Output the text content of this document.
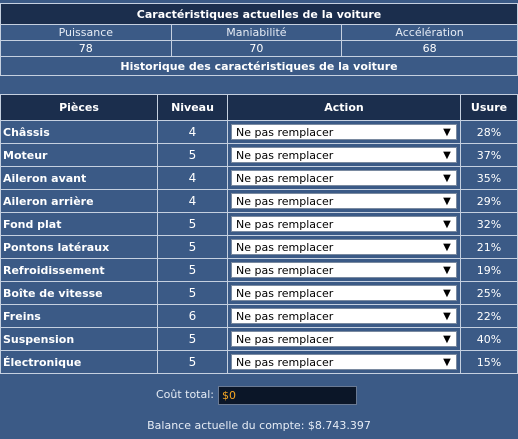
Caractéristiques actuelles de la voiture		
Puissance	Maniabilité	Accélération
78	70	68
Historique des caractéristiques de la voiture		
Pièces	Niveau	Action	Usure
Châssis	4	Ne pas remplacer ▼	28%
Moteur	5	Ne pas remplacer ▼	37%
Aileron avant	4	Ne pas remplacer ▼	35%
Aileron arrière	4	Ne pas remplacer ▼	29%
Fond plat	5	Ne pas remplacer ▼	32%
Pontons latéraux	5	Ne pas remplacer ▼	21%
Refroidissement	5	Ne pas remplacer ▼	19%
Boîte de vitesse	5	Ne pas remplacer ▼	25%
Freins	6	Ne pas remplacer ▼	22%
Suspension	5	Ne pas remplacer ▼	40%
Électronique	5	Ne pas remplacer ▼	15%
Coût total: $0
Balance actuelle du compte: $8.743.397
